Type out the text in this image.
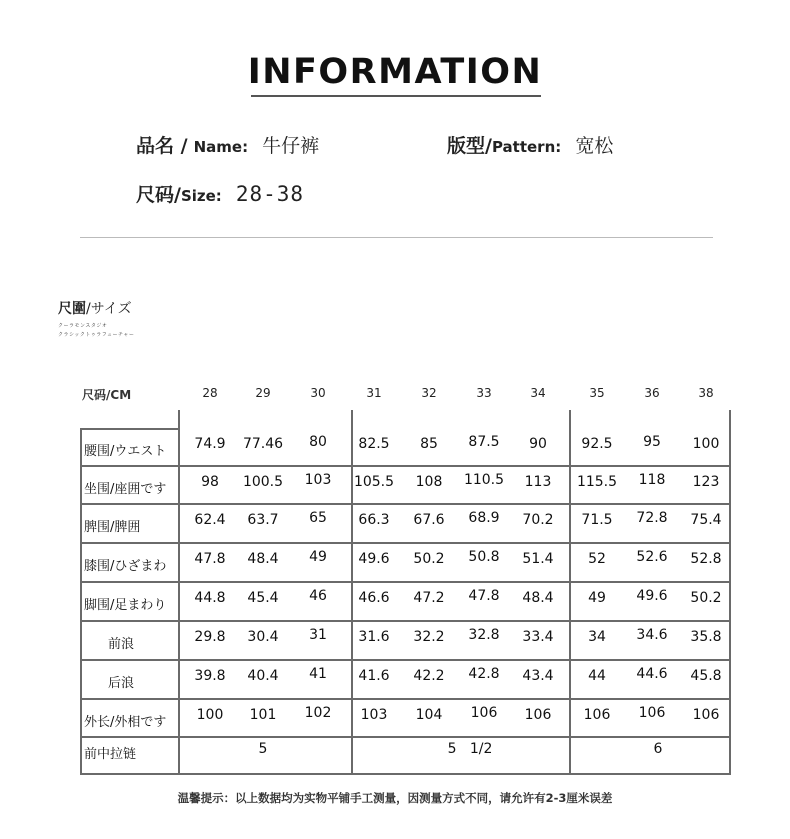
INFORMATION
品名 / Name: 牛仔裤	版型/Pattern: 宽松
尺码/Size: 28-38
尺圍/サイズ
クーラモンスタジオ
クラシックトゥラフューチャー
尺码/CM	28	29	30	31	32	33	34	35	36	38
腰围/ウエスト	74.9	77.46	80	82.5	85	87.5	90	92.5	95	100
坐围/座囲です	98	100.5	103	105.5	108	110.5	113	115.5	118	123
脾围/脾囲	62.4	63.7	65	66.3	67.6	68.9	70.2	71.5	72.8	75.4
膝围/ひざまわ	47.8	48.4	49	49.6	50.2	50.8	51.4	52	52.6	52.8
脚围/足まわり	44.8	45.4	46	46.6	47.2	47.8	48.4	49	49.6	50.2
前浪	29.8	30.4	31	31.6	32.2	32.8	33.4	34	34.6	35.8
后浪	39.8	40.4	41	41.6	42.2	42.8	43.4	44	44.6	45.8
外长/外相です	100	101	102	103	104	106	106	106	106	106
前中拉链	5	5   1/2	6
温馨提示：以上数据均为实物平铺手工测量，因测量方式不同，请允许有2-3厘米误差
